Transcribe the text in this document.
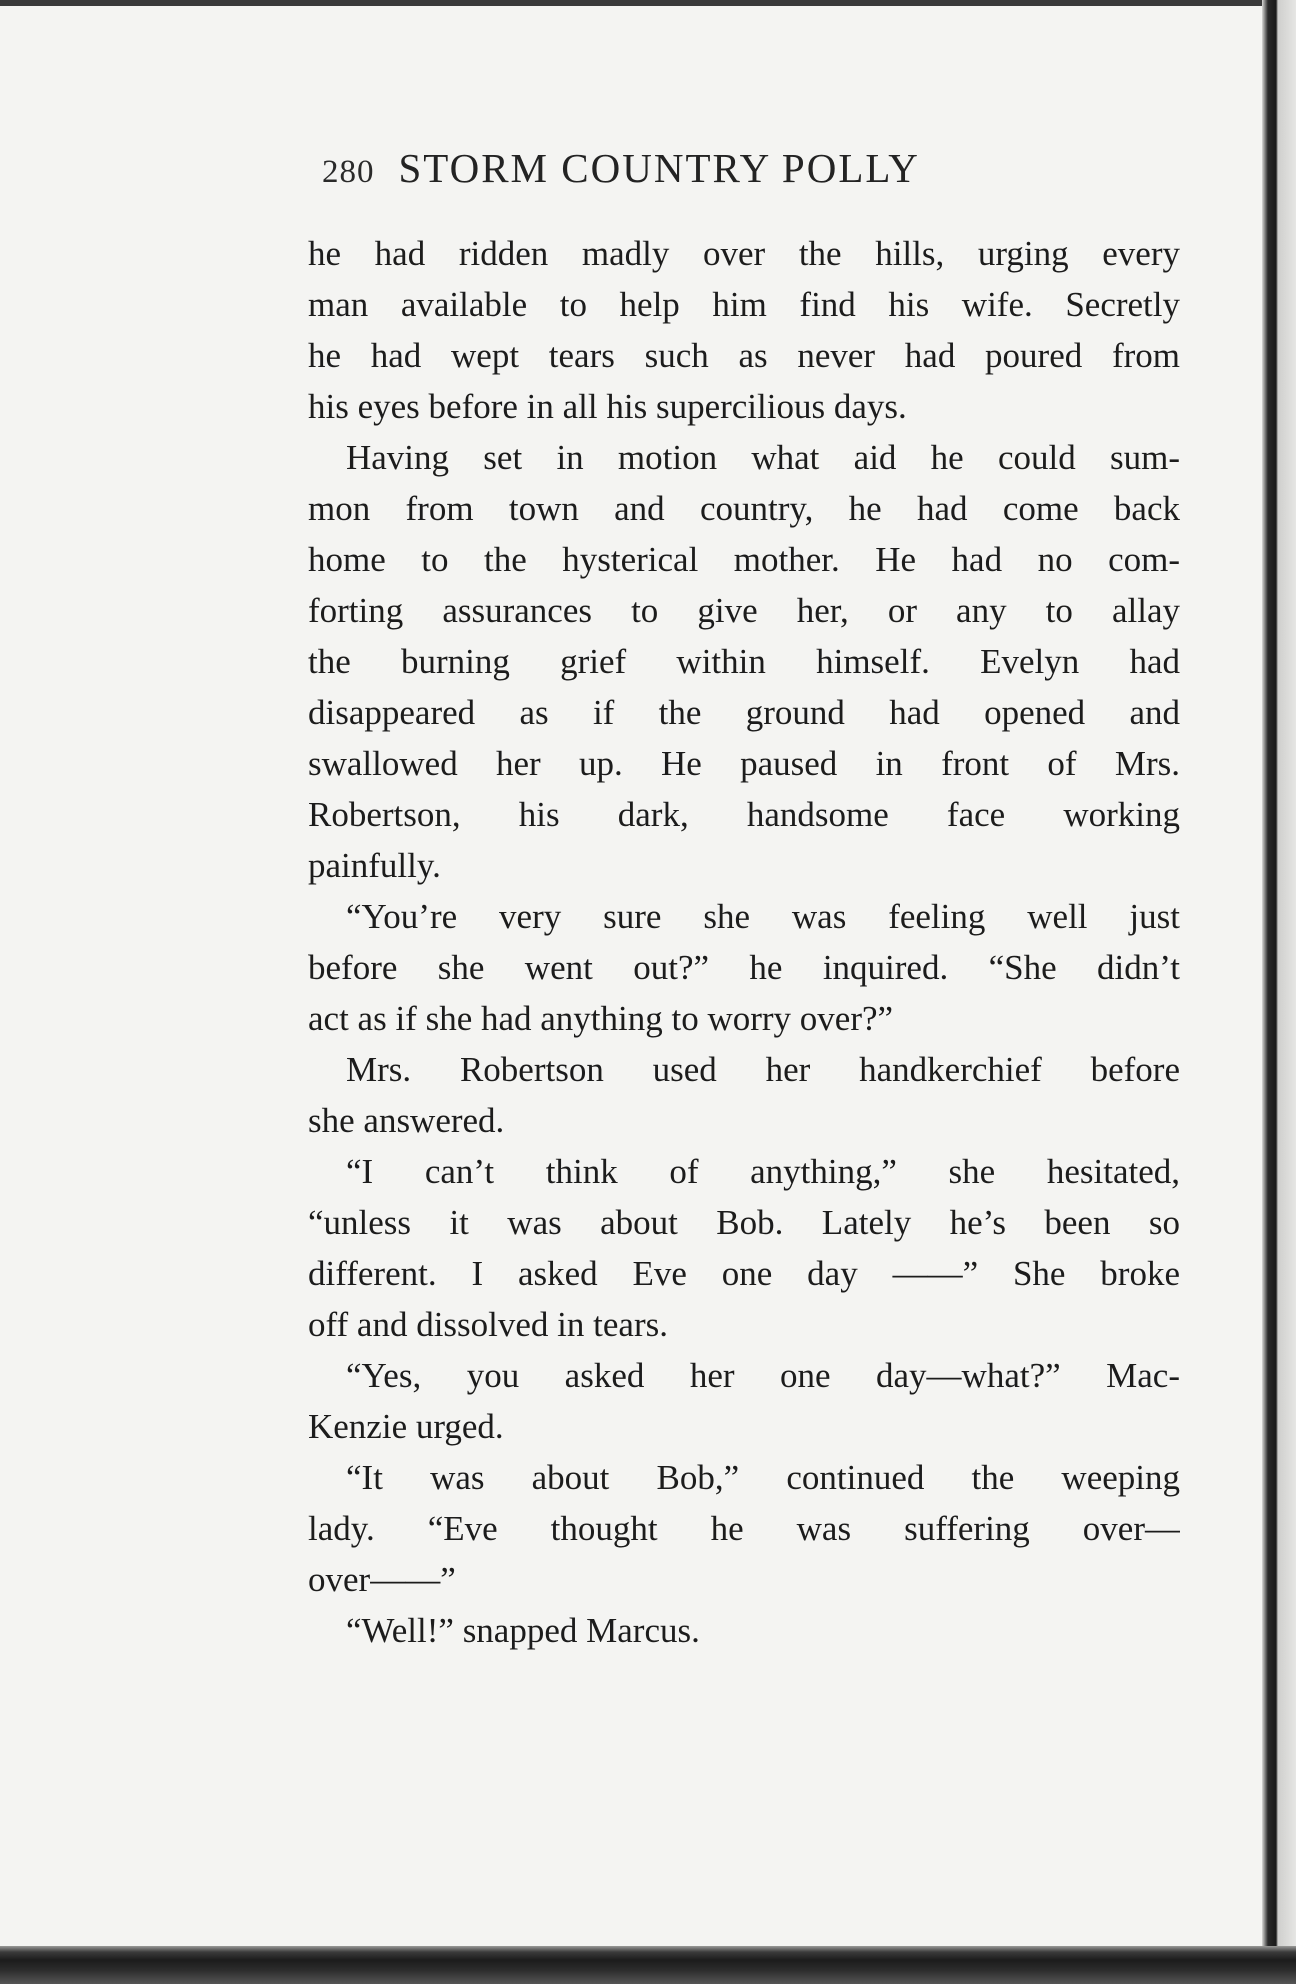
280 STORM COUNTRY POLLY
he had ridden madly over the hills, urging every
man available to help him find his wife. Secretly
he had wept tears such as never had poured from
his eyes before in all his supercilious days.
Having set in motion what aid he could sum-
mon from town and country, he had come back
home to the hysterical mother. He had no com-
forting assurances to give her, or any to allay
the burning grief within himself. Evelyn had
disappeared as if the ground had opened and
swallowed her up. He paused in front of Mrs.
Robertson, his dark, handsome face working
painfully.
“You’re very sure she was feeling well just
before she went out?” he inquired. “She didn’t
act as if she had anything to worry over?”
Mrs. Robertson used her handkerchief before
she answered.
“I can’t think of anything,” she hesitated,
“unless it was about Bob. Lately he’s been so
different. I asked Eve one day ——” She broke
off and dissolved in tears.
“Yes, you asked her one day—what?” Mac-
Kenzie urged.
“It was about Bob,” continued the weeping
lady. “Eve thought he was suffering over—
over——”
“Well!” snapped Marcus.
